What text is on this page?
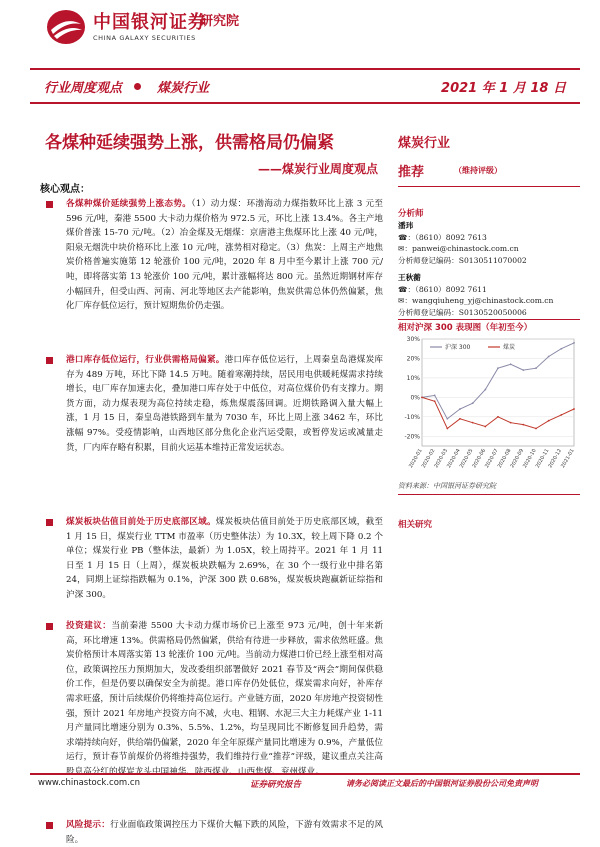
中国银河证券
CHINA GALAXY SECURITIES
研究院
行业周度观点	煤炭行业	2021 年 1 月 18 日
各煤种延续强势上涨，供需格局仍偏紧
——煤炭行业周度观点
核心观点：
各煤种煤价延续强势上涨态势。（1）动力煤：环渤海动力煤指数环比上涨 3 元至 596 元/吨，秦港 5500 大卡动力煤价格为 972.5 元，环比上涨 13.4%。各主产地煤价普涨 15-70 元/吨。（2）冶金煤及无烟煤：京唐港主焦煤环比上涨 40 元/吨，阳泉无烟洗中块价格环比上涨 10 元/吨，涨势相对稳定。（3）焦炭：上周主产地焦炭价格普遍实施第 12 轮涨价 100 元/吨，2020 年 8 月中至今累计上涨 700 元/吨，即将落实第 13 轮涨价 100 元/吨，累计涨幅将达 800 元。虽然近期钢材库存小幅回升，但受山西、河南、河北等地区去产能影响，焦炭供需总体仍然偏紧，焦化厂库存低位运行，预计短期焦价仍走强。
港口库存低位运行，行业供需格局偏紧。港口库存低位运行，上周秦皇岛港煤炭库存为 489 万吨，环比下降 14.5 万吨。随着寒潮持续，居民用电供暖耗煤需求持续增长，电厂库存加速去化，叠加港口库存处于中低位，对高位煤价仍有支撑力。期货方面，动力煤表现为高位持续走稳，炼焦煤震荡回调。近期铁路调入量大幅上涨，1 月 15 日，秦皇岛港铁路到车量为 7030 车，环比上周上涨 3462 车，环比涨幅 97%。受疫情影响，山西地区部分焦化企业汽运受限，或暂停发运或减量走货，厂内库存略有积累，目前火运基本维持正常发运状态。
煤炭板块估值目前处于历史底部区域。煤炭板块估值目前处于历史底部区域，截至 1 月 15 日，煤炭行业 TTM 市盈率（历史整体法）为 10.3X，较上周下降 0.2 个单位；煤炭行业 PB（整体法，最新）为 1.05X，较上周持平。2021 年 1 月 11 日至 1 月 15 日（上周），煤炭板块跌幅为 2.69%，在 30 个一级行业中排名第 24，同期上证综指跌幅为 0.1%，沪深 300 跌 0.68%，煤炭板块跑赢新证综指和沪深 300。
投资建议：当前秦港 5500 大卡动力煤市场价已上涨至 973 元/吨，创十年来新高，环比增速 13%。供需格局仍然偏紧，供给有待进一步释放，需求依然旺盛。焦炭价格预计本周落实第 13 轮涨价 100 元/吨。当前动力煤港口价已经上涨至相对高位，政策调控压力预期加大，发改委组织部署做好 2021 春节及“两会”期间保供稳价工作，但是仍要以确保安全为前提。港口库存仍处低位，煤炭需求向好，补库存需求旺盛，预计后续煤价仍将维持高位运行。产业链方面，2020 年房地产投资韧性强，预计 2021 年房地产投资方向不减，火电、粗钢、水泥三大主力耗煤产业 1-11 月产量同比增速分别为 0.3%、5.5%、1.2%，均呈现同比不断修复回升趋势，需求端持续向好，供给端仍偏紧，2020 年全年原煤产量同比增速为 0.9%，产量低位运行，预计春节前煤价仍将维持强势，我们维持行业“推荐”评级，建议重点关注高股息高分红的煤炭龙头中国神华、陕西煤业、山西焦煤、兖州煤业。
风险提示：行业面临政策调控压力下煤价大幅下跌的风险，下游有效需求不足的风险。
煤炭行业
推荐	（维持评级）
分析师
潘玮
☎：（8610）8092 7613
✉：panwei@chinastock.com.cn
分析师登记编码：S0130511070002
王秋蘅
☎：（8610）8092 7611
✉：wangqiuheng_yj@chinastock.com.cn
分析师登记编码：S0130520050006
相对沪深 300 表现图（年初至今）
30%
20%
10%
0%
-10%
-20%
2020-01
2020-02
2020-03
2020-04
2020-05
2020-06
2020-07
2020-08
2020-09
2020-10
2020-11
2020-12
2021-01
沪深 300	煤炭
资料来源：中国银河证券研究院
相关研究
www.chinastock.com.cn	证券研究报告	请务必阅读正文最后的中国银河证券股份公司免责声明
